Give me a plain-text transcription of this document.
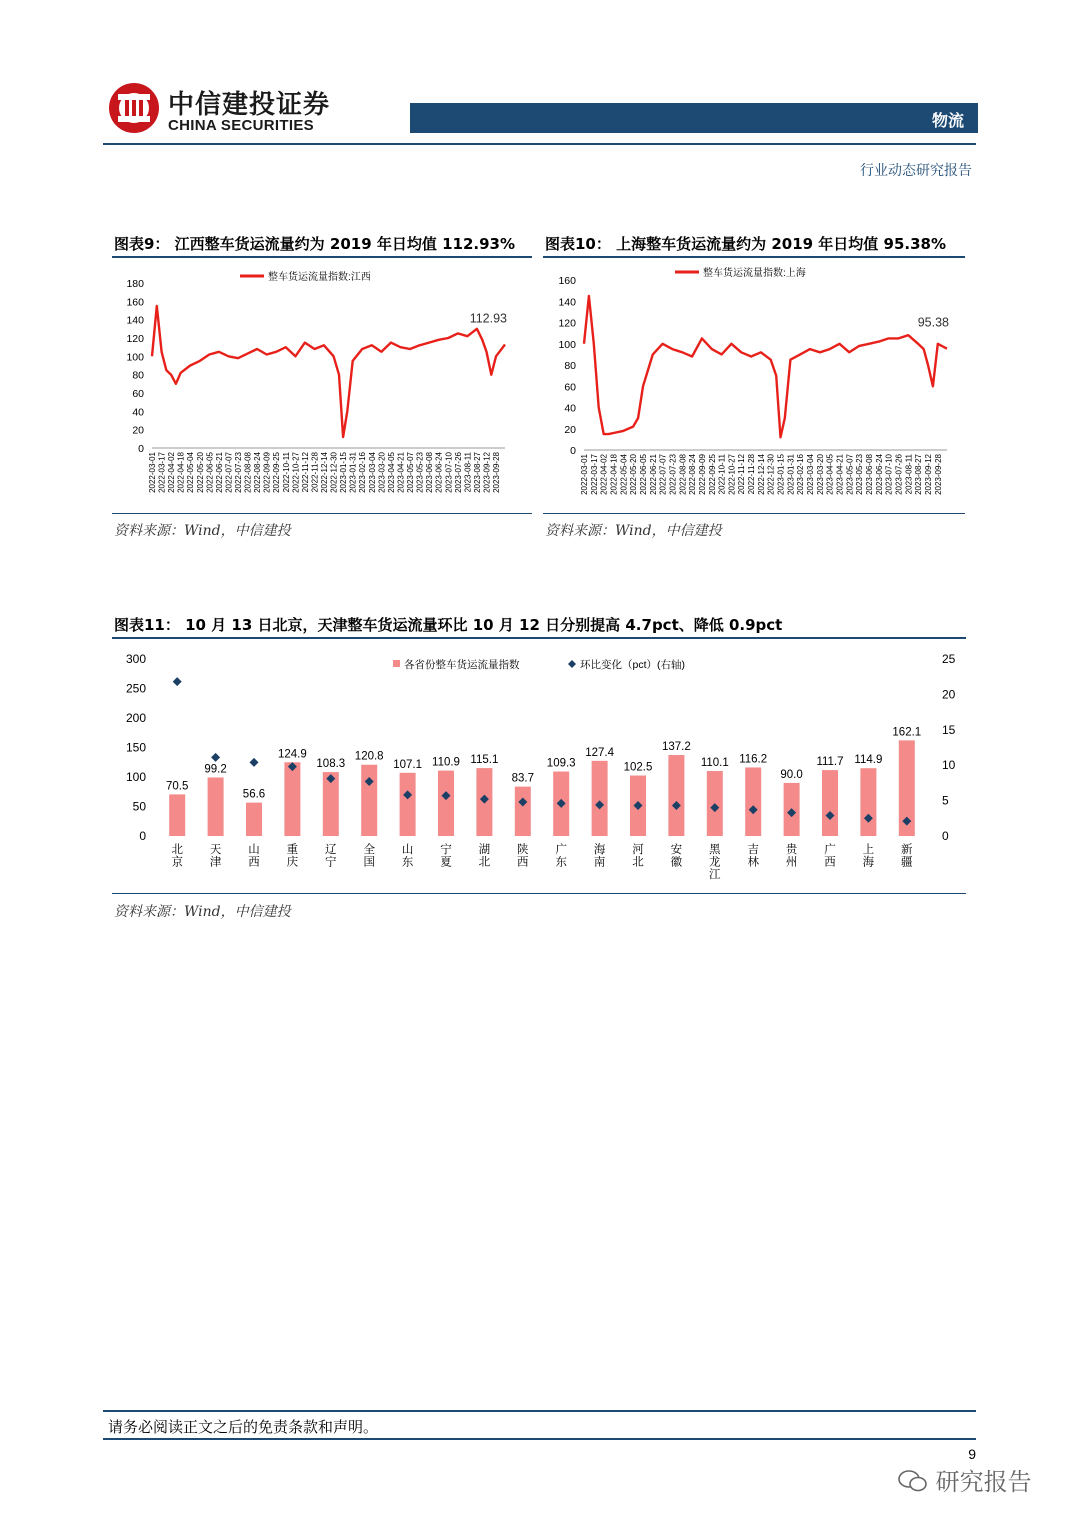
中信建投证券
CHINA SECURITIES	物流
行业动态研究报告
图表9： 江西整车货运流量约为 2019 年日均值 112.93%
0
20
40
60
80
100
120
140
160
180
2022-03-01 2022-03-17 2022-04-02 2022-04-18 2022-05-04 2022-05-20 2022-06-05 2022-06-21 2022-07-07 2022-07-23 2022-08-08 2022-08-24 2022-09-09 2022-09-25 2022-10-11 2022-10-27 2022-11-12 2022-11-28 2022-12-14 2022-12-30 2023-01-15 2023-01-31 2023-02-16 2023-03-04 2023-03-20 2023-04-05 2023-04-21 2023-05-07 2023-05-23 2023-06-08 2023-06-24 2023-07-10 2023-07-26 2023-08-11 2023-08-27 2023-09-12 2023-09-28
整车货运流量指数:江西
112.93
资料来源：Wind，中信建投
图表10： 上海整车货运流量约为 2019 年日均值 95.38%
0
20
40
60
80
100
120
140
160
2022-03-01 2022-03-17 2022-04-02 2022-04-18 2022-05-04 2022-05-20 2022-06-05 2022-06-21 2022-07-07 2022-07-23 2022-08-08 2022-08-24 2022-09-09 2022-09-25 2022-10-11 2022-10-27 2022-11-12 2022-11-28 2022-12-14 2022-12-30 2023-01-15 2023-01-31 2023-02-16 2023-03-04 2023-03-20 2023-04-05 2023-04-21 2023-05-07 2023-05-23 2023-06-08 2023-06-24 2023-07-10 2023-07-26 2023-08-11 2023-08-27 2023-09-12 2023-09-28
整车货运流量指数:上海
95.38
资料来源：Wind，中信建投
图表11： 10 月 13 日北京，天津整车货运流量环比 10 月 12 日分别提高 4.7pct、降低 0.9pct
0
50
100
150
200
250
300
0
5
10
15
20
25
70.5
北
京
99.2
天
津
56.6
山
西
124.9
重
庆
108.3
辽
宁
120.8
全
国
107.1
山
东
110.9
宁
夏
115.1
湖
北
83.7
陕
西
109.3
广
东
127.4
海
南
102.5
河
北
137.2
安
徽
110.1
黑
龙
江
116.2
吉
林
90.0
贵
州
111.7
广
西
114.9
上
海
162.1
新
疆
各省份整车货运流量指数	环比变化（pct）(右轴)
资料来源：Wind，中信建投
请务必阅读正文之后的免责条款和声明。
9
研究报告
